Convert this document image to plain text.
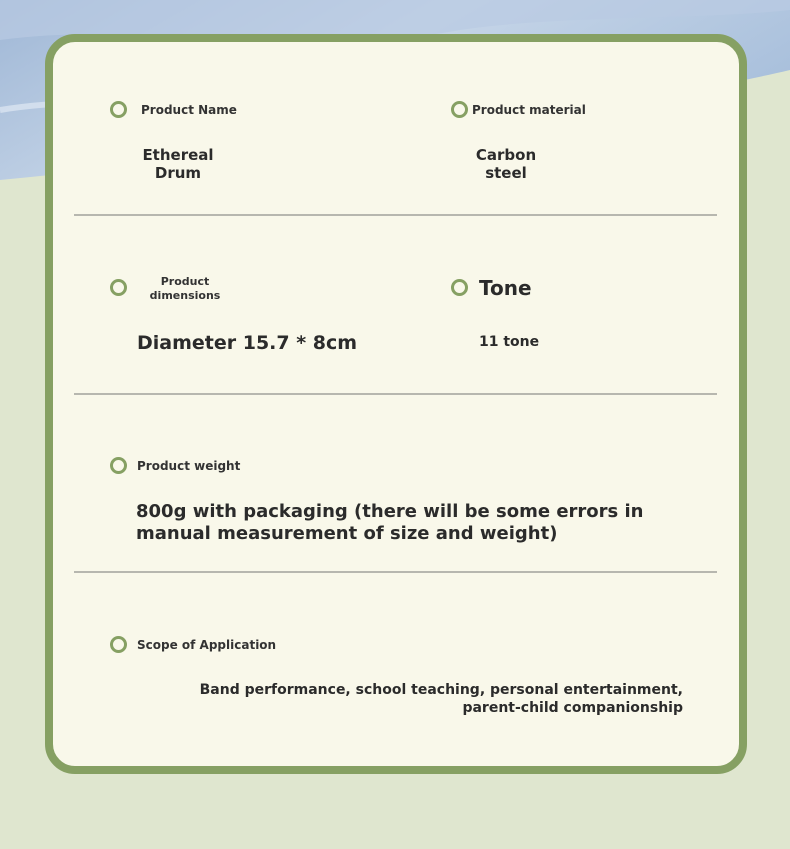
Product Name
Ethereal
Drum
Product material
Carbon
steel
Product
dimensions
Diameter 15.7 * 8cm
Tone
11 tone
Product weight
800g with packaging (there will be some errors in
manual measurement of size and weight)
Scope of Application
Band performance, school teaching, personal entertainment,
parent-child companionship
